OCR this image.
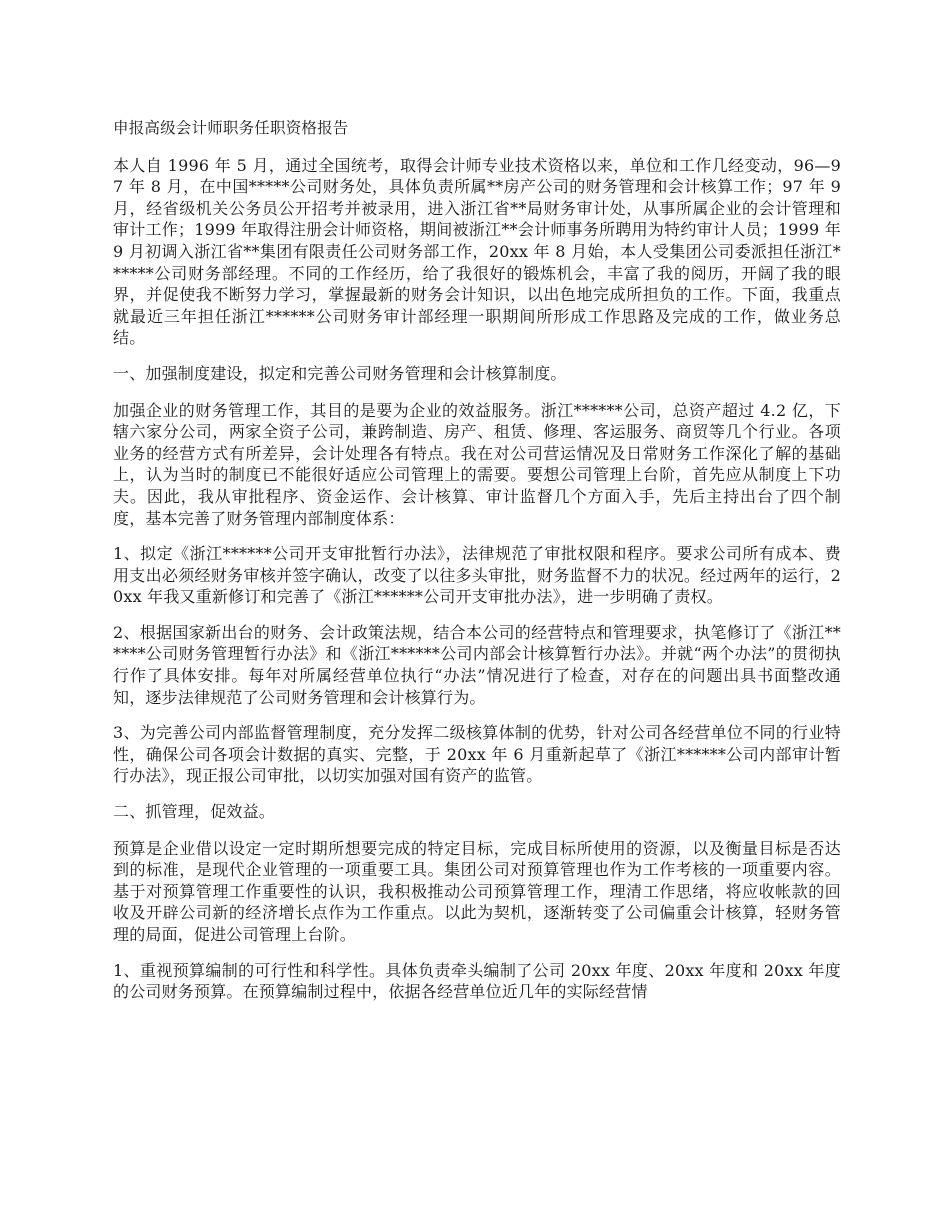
申报高级会计师职务任职资格报告

本人自 1996 年 5 月，通过全国统考，取得会计师专业技术资格以来，单位和工作几经变动，96—97 年 8 月，在中国*****公司财务处，具体负责所属**房产公司的财务管理和会计核算工作；97 年 9 月，经省级机关公务员公开招考并被录用，进入浙江省**局财务审计处，从事所属企业的会计管理和审计工作；1999 年取得注册会计师资格，期间被浙江**会计师事务所聘用为特约审计人员；1999 年 9 月初调入浙江省**集团有限责任公司财务部工作，20xx 年 8 月始，本人受集团公司委派担任浙江******公司财务部经理。不同的工作经历，给了我很好的锻炼机会，丰富了我的阅历，开阔了我的眼界，并促使我不断努力学习，掌握最新的财务会计知识，以出色地完成所担负的工作。下面，我重点就最近三年担任浙江******公司财务审计部经理一职期间所形成工作思路及完成的工作，做业务总结。

一、加强制度建设，拟定和完善公司财务管理和会计核算制度。

加强企业的财务管理工作，其目的是要为企业的效益服务。浙江******公司，总资产超过 4.2 亿，下辖六家分公司，两家全资子公司，兼跨制造、房产、租赁、修理、客运服务、商贸等几个行业。各项业务的经营方式有所差异，会计处理各有特点。我在对公司营运情况及日常财务工作深化了解的基础上，认为当时的制度已不能很好适应公司管理上的需要。要想公司管理上台阶，首先应从制度上下功夫。因此，我从审批程序、资金运作、会计核算、审计监督几个方面入手，先后主持出台了四个制度，基本完善了财务管理内部制度体系：

1、拟定《浙江******公司开支审批暂行办法》，法律规范了审批权限和程序。要求公司所有成本、费用支出必须经财务审核并签字确认，改变了以往多头审批，财务监督不力的状况。经过两年的运行，20xx 年我又重新修订和完善了《浙江******公司开支审批办法》，进一步明确了责权。

2、根据国家新出台的财务、会计政策法规，结合本公司的经营特点和管理要求，执笔修订了《浙江******公司财务管理暂行办法》和《浙江******公司内部会计核算暂行办法》。并就“两个办法”的贯彻执行作了具体安排。每年对所属经营单位执行“办法”情况进行了检查，对存在的问题出具书面整改通知，逐步法律规范了公司财务管理和会计核算行为。

3、为完善公司内部监督管理制度，充分发挥二级核算体制的优势，针对公司各经营单位不同的行业特性，确保公司各项会计数据的真实、完整，于 20xx 年 6 月重新起草了《浙江******公司内部审计暂行办法》，现正报公司审批，以切实加强对国有资产的监管。

二、抓管理，促效益。

预算是企业借以设定一定时期所想要完成的特定目标，完成目标所使用的资源，以及衡量目标是否达到的标准，是现代企业管理的一项重要工具。集团公司对预算管理也作为工作考核的一项重要内容。基于对预算管理工作重要性的认识，我积极推动公司预算管理工作，理清工作思绪，将应收帐款的回收及开辟公司新的经济增长点作为工作重点。以此为契机，逐渐转变了公司偏重会计核算，轻财务管理的局面，促进公司管理上台阶。

1、重视预算编制的可行性和科学性。具体负责牵头编制了公司 20xx 年度、20xx 年度和 20xx 年度的公司财务预算。在预算编制过程中，依据各经营单位近几年的实际经营情
